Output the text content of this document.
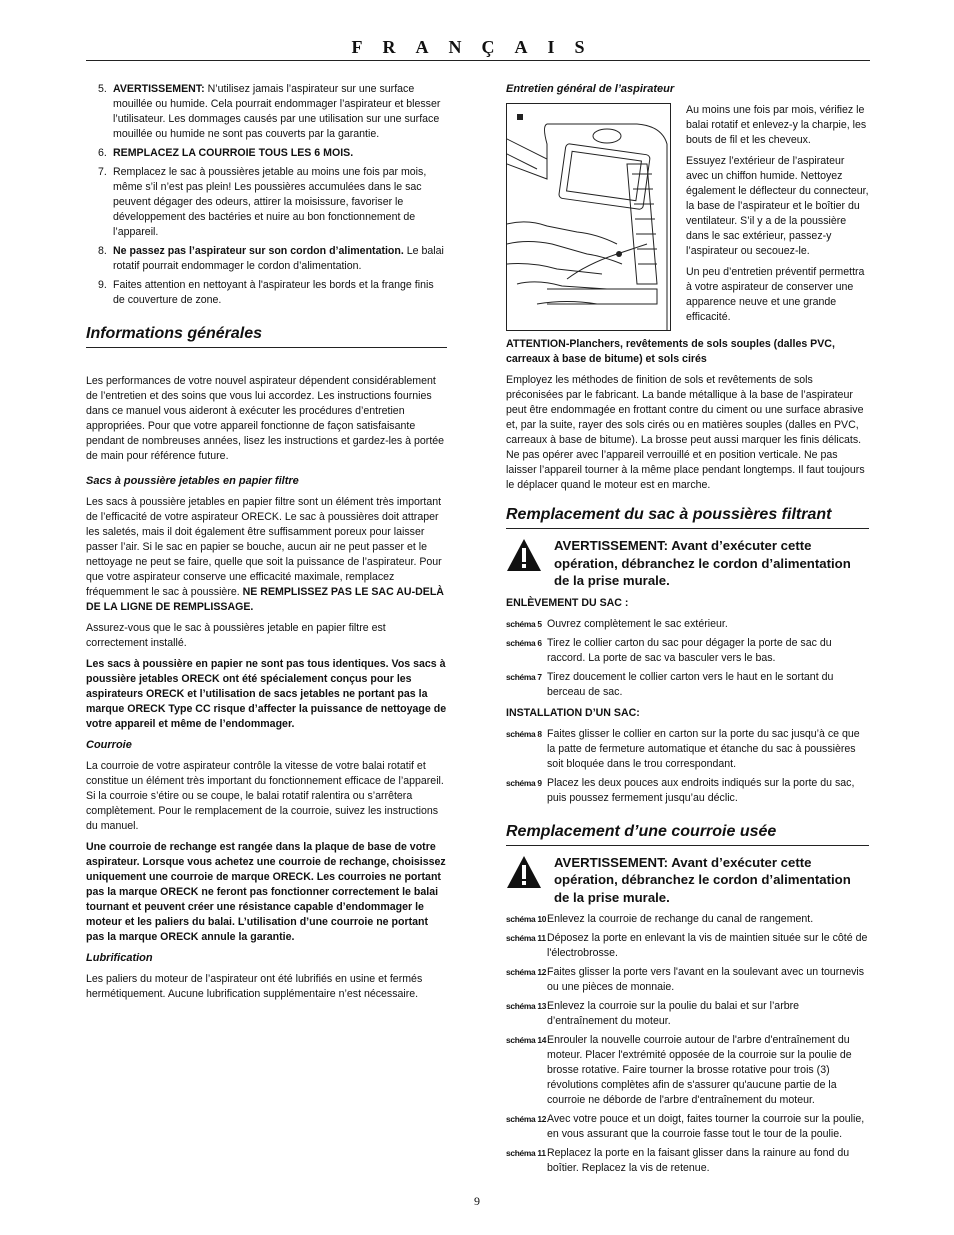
FRANÇAIS
5. AVERTISSEMENT: N’utilisez jamais l’aspirateur sur une surface mouillée ou humide. Cela pourrait endommager l’aspirateur et blesser l’utilisateur. Les dommages causés par une utilisation sur une surface mouillée ou humide ne sont pas couverts par la garantie.
6. REMPLACEZ LA COURROIE TOUS LES 6 MOIS.
7. Remplacez le sac à poussières jetable au moins une fois par mois, même s’il n’est pas plein! Les poussières accumulées dans le sac peuvent dégager des odeurs, attirer la moisissure, favoriser le développement des bactéries et nuire au bon fonctionnement de l’appareil.
8. Ne passez pas l’aspirateur sur son cordon d’alimentation. Le balai rotatif pourrait endommager le cordon d’alimentation.
9. Faites attention en nettoyant à l'aspirateur les bords et la frange finis de couverture de zone.
Informations générales

Les performances de votre nouvel aspirateur dépendent considérablement de l’entretien et des soins que vous lui accordez. Les instructions fournies dans ce manuel vous aideront à exécuter les procédures d’entretien appropriées. Pour que votre appareil fonctionne de façon satisfaisante pendant de nombreuses années, lisez les instructions et gardez-les à portée de main pour référence future.

Sacs à poussière jetables en papier filtre

Les sacs à poussière jetables en papier filtre sont un élément très important de l’efficacité de votre aspirateur ORECK. Le sac à poussières doit attraper les saletés, mais il doit également être suffisamment poreux pour laisser passer l’air. Si le sac en papier se bouche, aucun air ne peut passer et le nettoyage ne peut se faire, quelle que soit la puissance de l’aspirateur. Pour que votre aspirateur conserve une efficacité maximale, remplacez fréquemment le sac à poussière. NE REMPLISSEZ PAS LE SAC AU-DELÀ DE LA LIGNE DE REMPLISSAGE.

Assurez-vous que le sac à poussières jetable en papier filtre est correctement installé.

Les sacs à poussière en papier ne sont pas tous identiques. Vos sacs à poussière jetables ORECK ont été spécialement conçus pour les aspirateurs ORECK et l’utilisation de sacs jetables ne portant pas la marque ORECK Type CC risque d’affecter la puissance de nettoyage de votre appareil et même de l’endommager.

Courroie

La courroie de votre aspirateur contrôle la vitesse de votre balai rotatif et constitue un élément très important du fonctionnement efficace de l’appareil. Si la courroie s’étire ou se coupe, le balai rotatif ralentira ou s’arrêtera complètement. Pour le remplacement de la courroie, suivez les instructions du manuel.

Une courroie de rechange est rangée dans la plaque de base de votre aspirateur. Lorsque vous achetez une courroie de rechange, choisissez uniquement une courroie de marque ORECK. Les courroies ne portant pas la marque ORECK ne feront pas fonctionner correctement le balai tournant et peuvent créer une résistance capable d’endommager le moteur et les paliers du balai. L’utilisation d’une courroie ne portant pas la marque ORECK annule la garantie.

Lubrification

Les paliers du moteur de l’aspirateur ont été lubrifiés en usine et fermés hermétiquement. Aucune lubrification supplémentaire n’est nécessaire.

Entretien général de l’aspirateur

Au moins une fois par mois, vérifiez le balai rotatif et enlevez-y la charpie, les bouts de fil et les cheveux.

Essuyez l’extérieur de l’aspirateur avec un chiffon humide. Nettoyez également le déflecteur du connecteur, la base de l’aspirateur et le boîtier du ventilateur. S’il y a de la poussière dans le sac extérieur, passez-y l’aspirateur ou secouez-le.

Un peu d’entretien préventif permettra à votre aspirateur de conserver une apparence neuve et une grande efficacité.

ATTENTION-Planchers, revêtements de sols souples (dalles PVC, carreaux à base de bitume) et sols cirés

Employez les méthodes de finition de sols et revêtements de sols préconisées par le fabricant. La bande métallique à la base de l’aspirateur peut être endommagée en frottant contre du ciment ou une surface abrasive et, par la suite, rayer des sols cirés ou en matières souples (dalles en PVC, carreaux à base de bitume). La brosse peut aussi marquer les finis délicats. Ne pas opérer avec l’appareil verrouillé et en position verticale. Ne pas laisser l’appareil tourner à la même place pendant longtemps. Il faut toujours le déplacer quand le moteur est en marche.

Remplacement du sac à poussières filtrant
AVERTISSEMENT: Avant d’exécuter cette opération, débranchez le cordon d’alimentation de la prise murale.
ENLÈVEMENT DU SAC :
schéma 5 Ouvrez complètement le sac extérieur.
schéma 6 Tirez le collier carton du sac pour dégager la porte de sac du raccord. La porte de sac va basculer vers le bas.
schéma 7 Tirez doucement le collier carton vers le haut en le sortant du berceau de sac.
INSTALLATION D’UN SAC:
schéma 8 Faites glisser le collier en carton sur la porte du sac jusqu’à ce que la patte de fermeture automatique et étanche du sac à poussières soit bloquée dans le trou correspondant.
schéma 9 Placez les deux pouces aux endroits indiqués sur la porte du sac, puis poussez fermement jusqu’au déclic.
Remplacement d’une courroie usée
AVERTISSEMENT: Avant d’exécuter cette opération, débranchez le cordon d’alimentation de la prise murale.
schéma 10 Enlevez la courroie de rechange du canal de rangement.
schéma 11 Déposez la porte en enlevant la vis de maintien située sur le côté de l'électrobrosse.
schéma 12 Faites glisser la porte vers l'avant en la soulevant avec un tournevis ou une pièces de monnaie.
schéma 13 Enlevez la courroie sur la poulie du balai et sur l’arbre d’entraînement du moteur.
schéma 14 Enrouler la nouvelle courroie autour de l'arbre d'entraînement du moteur. Placer l'extrémité opposée de la courroie sur la poulie de brosse rotative. Faire tourner la brosse rotative pour trois (3) révolutions complètes afin de s'assurer qu'aucune partie de la courroie ne déborde de l'arbre d'entraînement du moteur.
schéma 12 Avec votre pouce et un doigt, faites tourner la courroie sur la poulie, en vous assurant que la courroie fasse tout le tour de la poulie.
schéma 11 Replacez la porte en la faisant glisser dans la rainure au fond du boîtier. Replacez la vis de retenue.
9
